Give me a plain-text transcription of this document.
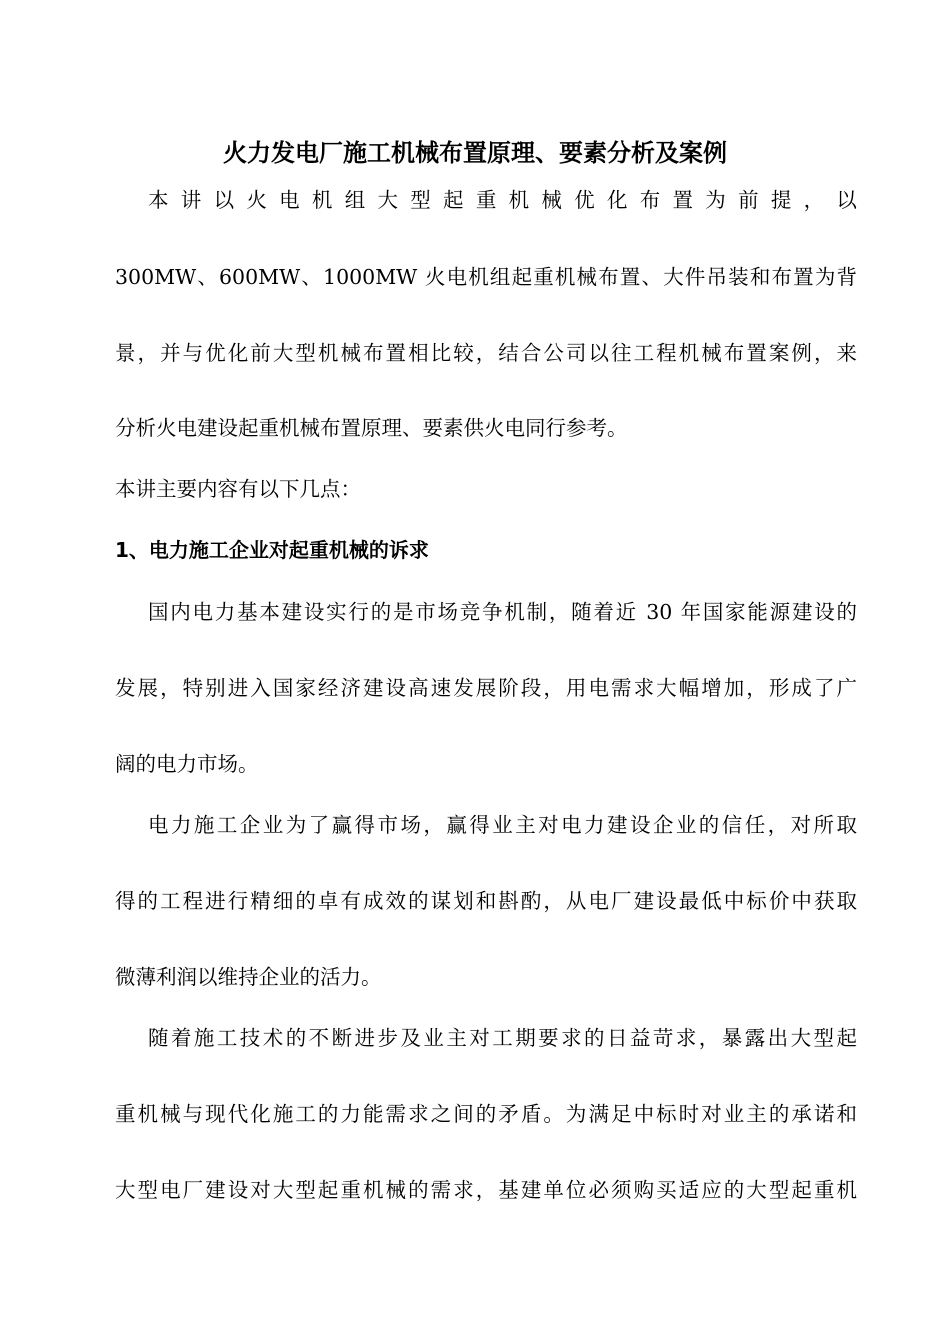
火力发电厂施工机械布置原理、要素分析及案例
本 讲 以 火 电 机 组 大 型 起 重 机 械 优 化 布 置 为 前 提 ， 以
300MW、600MW、1000MW 火电机组起重机械布置、大件吊装和布置为背
景，并与优化前大型机械布置相比较，结合公司以往工程机械布置案例，来
分析火电建设起重机械布置原理、要素供火电同行参考。
本讲主要内容有以下几点：
1、电力施工企业对起重机械的诉求
国内电力基本建设实行的是市场竞争机制，随着近 30 年国家能源建设的
发展，特别进入国家经济建设高速发展阶段，用电需求大幅增加，形成了广
阔的电力市场。
电力施工企业为了赢得市场，赢得业主对电力建设企业的信任，对所取
得的工程进行精细的卓有成效的谋划和斟酌，从电厂建设最低中标价中获取
微薄利润以维持企业的活力。
随着施工技术的不断进步及业主对工期要求的日益苛求，暴露出大型起
重机械与现代化施工的力能需求之间的矛盾。为满足中标时对业主的承诺和
大型电厂建设对大型起重机械的需求，基建单位必须购买适应的大型起重机
